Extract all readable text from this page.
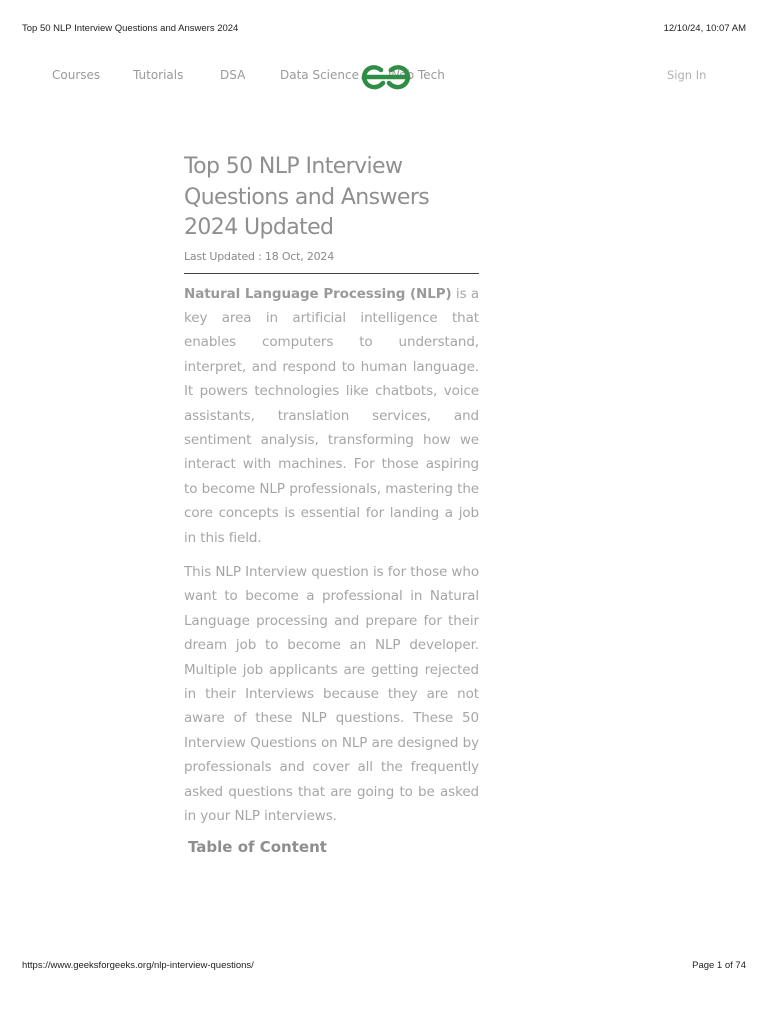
Top 50 NLP Interview Questions and Answers 2024	12/10/24, 10:07 AM
Courses	Tutorials	DSA	Data Science Web Tech	Sign In
Top 50 NLP Interview Questions and Answers 2024 Updated
Last Updated : 18 Oct, 2024

Natural Language Processing (NLP) is a key area in artificial intelligence that enables computers to understand, interpret, and respond to human language. It powers technologies like chatbots, voice assistants, translation services, and sentiment analysis, transforming how we interact with machines. For those aspiring to become NLP professionals, mastering the core concepts is essential for landing a job in this field.

This NLP Interview question is for those who want to become a professional in Natural Language processing and prepare for their dream job to become an NLP developer. Multiple job applicants are getting rejected in their Interviews because they are not aware of these NLP questions. These 50 Interview Questions on NLP are designed by professionals and cover all the frequently asked questions that are going to be asked in your NLP interviews.

Table of Content
https://www.geeksforgeeks.org/nlp-interview-questions/	Page 1 of 74
